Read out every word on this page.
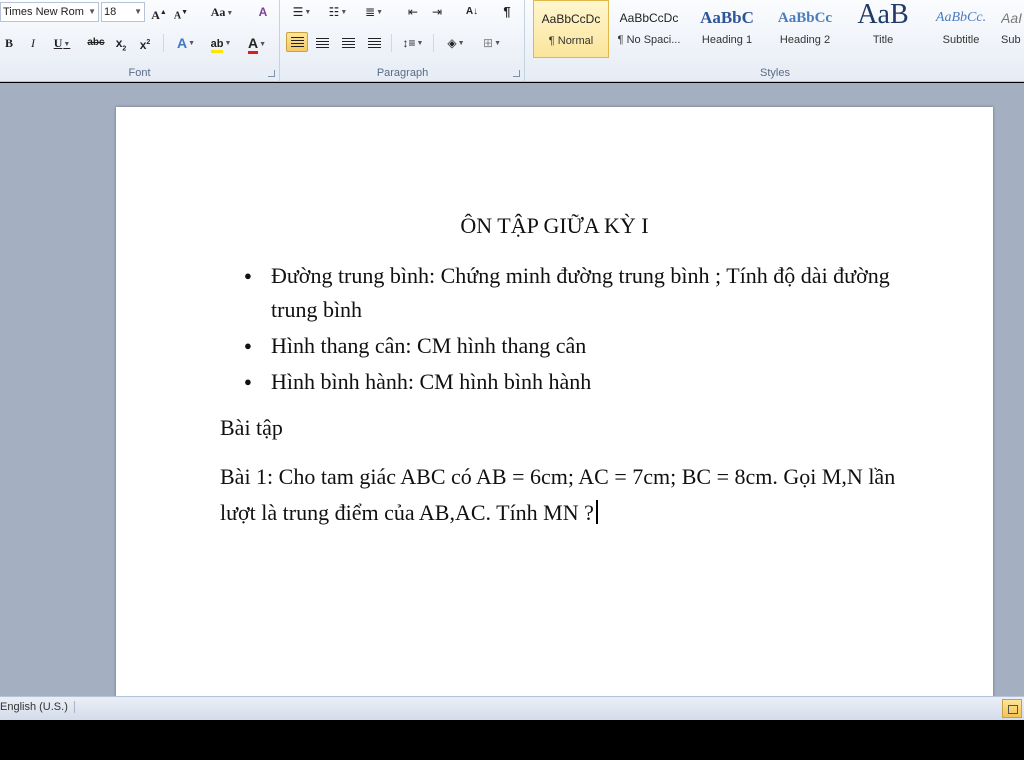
Times New Rom ▼ 18 ▼ A▲ A▼ Aa▼	A
B	I	U▼	abc $x_2$	$x^2$	A▼	ab▼	A▼
Font
☰▼	☷▼	≣▼	⇤	⇥	A↓	¶
↕≡▼	◈▼	⊞▼
Paragraph
AaBbCcDc
¶ Normal
AaBbCcDc
¶ No Spaci...
AaBbC
Heading 1
AaBbCc
Heading 2
AaB
Title
AaBbCc.
Subtitle
AaI
Sub
Styles
ÔN TẬP GIỮA KỲ I
● Đường trung bình: Chứng minh đường trung bình ; Tính độ dài đường trung bình
● Hình thang cân: CM hình thang cân
● Hình bình hành: CM hình bình hành
Bài tập
Bài 1: Cho tam giác ABC có AB = 6cm; AC = 7cm; BC = 8cm. Gọi M,N lần lượt là trung điểm của AB,AC. Tính MN ?
English (U.S.)
